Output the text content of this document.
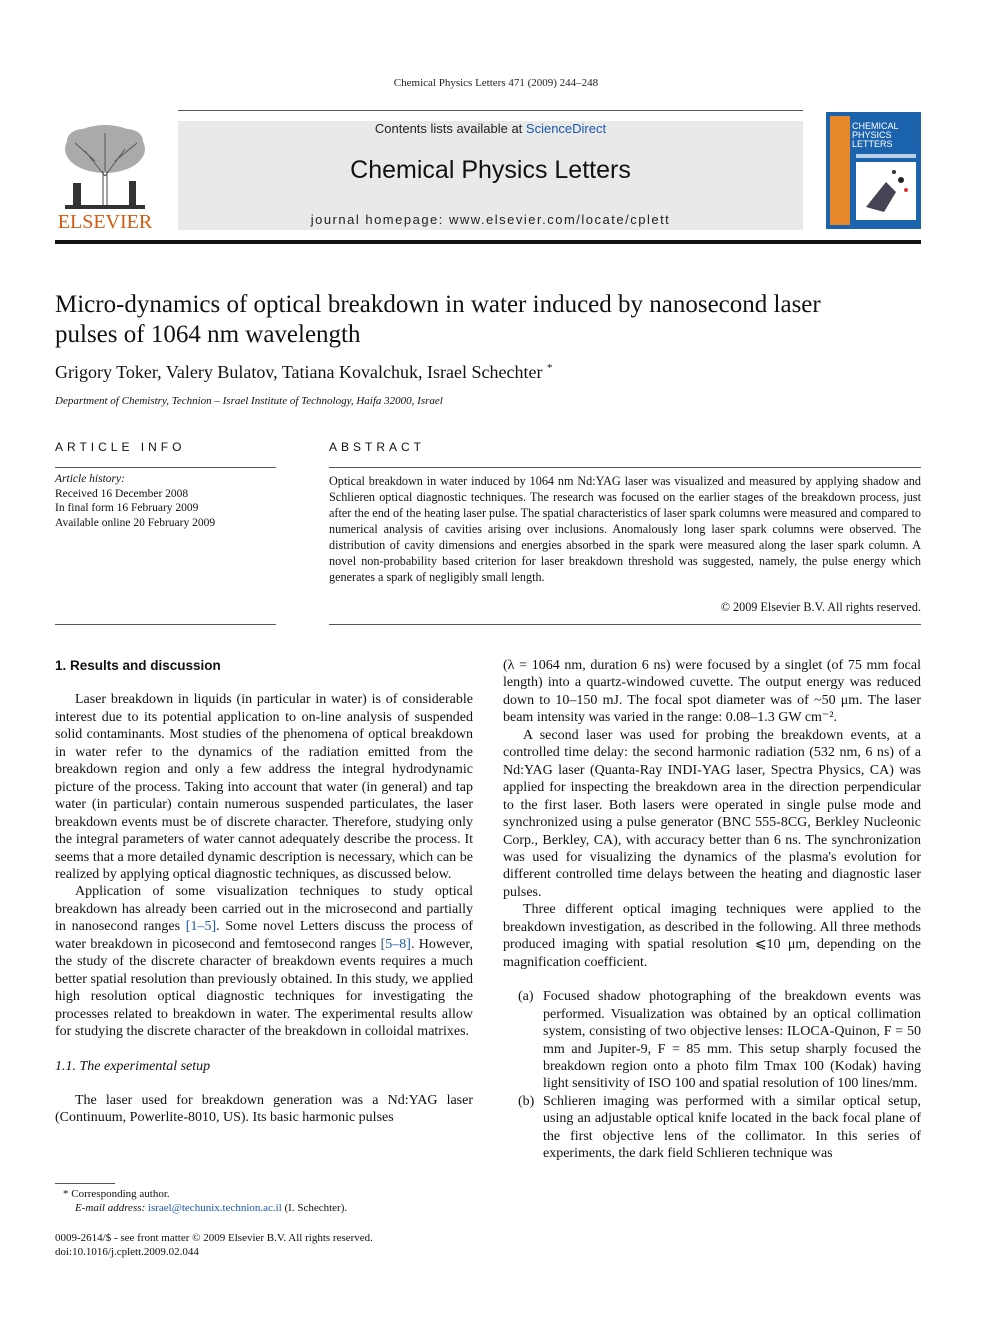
Chemical Physics Letters 471 (2009) 244–248
ELSEVIER
Contents lists available at ScienceDirect
Chemical Physics Letters
journal homepage: www.elsevier.com/locate/cplett
CHEMICAL
PHYSICS
LETTERS
Micro-dynamics of optical breakdown in water induced by nanosecond laser
pulses of 1064 nm wavelength
Grigory Toker, Valery Bulatov, Tatiana Kovalchuk, Israel Schechter *
Department of Chemistry, Technion – Israel Institute of Technology, Haifa 32000, Israel
ARTICLE INFO
Article history:
Received 16 December 2008
In final form 16 February 2009
Available online 20 February 2009
ABSTRACT
Optical breakdown in water induced by 1064 nm Nd:YAG laser was visualized and measured by applying shadow and Schlieren optical diagnostic techniques. The research was focused on the earlier stages of the breakdown process, just after the end of the heating laser pulse. The spatial characteristics of laser spark columns were measured and compared to numerical analysis of cavities arising over inclusions. Anomalously long laser spark columns were observed. The distribution of cavity dimensions and energies absorbed in the spark were measured along the laser spark column. A novel non-probability based criterion for laser breakdown threshold was suggested, namely, the pulse energy which generates a spark of negligibly small length.
© 2009 Elsevier B.V. All rights reserved.
1. Results and discussion

Laser breakdown in liquids (in particular in water) is of considerable interest due to its potential application to on-line analysis of suspended solid contaminants. Most studies of the phenomena of optical breakdown in water refer to the dynamics of the radiation emitted from the breakdown region and only a few address the integral hydrodynamic picture of the process. Taking into account that water (in general) and tap water (in particular) contain numerous suspended particulates, the laser breakdown events must be of discrete character. Therefore, studying only the integral parameters of water cannot adequately describe the process. It seems that a more detailed dynamic description is necessary, which can be realized by applying optical diagnostic techniques, as discussed below.

Application of some visualization techniques to study optical breakdown has already been carried out in the microsecond and partially in nanosecond ranges [1–5]. Some novel Letters discuss the process of water breakdown in picosecond and femtosecond ranges [5–8]. However, the study of the discrete character of breakdown events requires a much better spatial resolution than previously obtained. In this study, we applied high resolution optical diagnostic techniques for investigating the processes related to breakdown in water. The experimental results allow for studying the discrete character of the breakdown in colloidal matrixes.

1.1. The experimental setup

The laser used for breakdown generation was a Nd:YAG laser (Continuum, Powerlite-8010, US). Its basic harmonic pulses

(λ = 1064 nm, duration 6 ns) were focused by a singlet (of 75 mm focal length) into a quartz-windowed cuvette. The output energy was reduced down to 10–150 mJ. The focal spot diameter was of ~50 μm. The laser beam intensity was varied in the range: 0.08–1.3 GW cm⁻².

A second laser was used for probing the breakdown events, at a controlled time delay: the second harmonic radiation (532 nm, 6 ns) of a Nd:YAG laser (Quanta-Ray INDI-YAG laser, Spectra Physics, CA) was applied for inspecting the breakdown area in the direction perpendicular to the first laser. Both lasers were operated in single pulse mode and synchronized using a pulse generator (BNC 555-8CG, Berkley Nucleonic Corp., Berkley, CA), with accuracy better than 6 ns. The synchronization was used for visualizing the dynamics of the plasma's evolution for different controlled time delays between the heating and diagnostic laser pulses.

Three different optical imaging techniques were applied to the breakdown investigation, as described in the following. All three methods produced imaging with spatial resolution ⩽10 μm, depending on the magnification coefficient.

(a) Focused shadow photographing of the breakdown events was performed. Visualization was obtained by an optical collimation system, consisting of two objective lenses: ILOCA-Quinon, F = 50 mm and Jupiter-9, F = 85 mm. This setup sharply focused the breakdown region onto a photo film Tmax 100 (Kodak) having light sensitivity of ISO 100 and spatial resolution of 100 lines/mm.
(b) Schlieren imaging was performed with a similar optical setup, using an adjustable optical knife located in the back focal plane of the first objective lens of the collimator. In this series of experiments, the dark field Schlieren technique was
* Corresponding author.
E-mail address: israel@techunix.technion.ac.il (I. Schechter).
0009-2614/$ - see front matter © 2009 Elsevier B.V. All rights reserved.
doi:10.1016/j.cplett.2009.02.044
